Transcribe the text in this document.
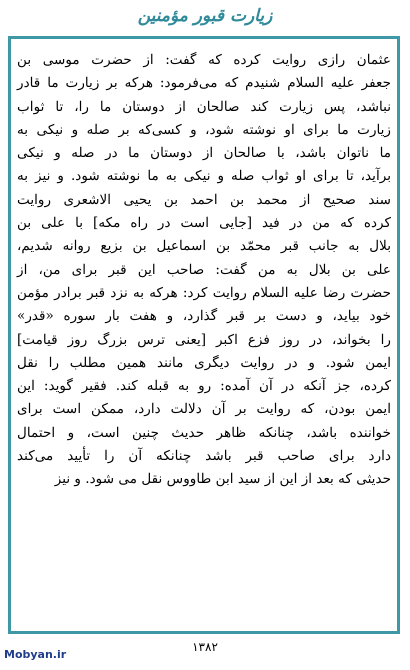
زیارت قبور مؤمنین
عثمان رازی روایت کرده که گفت: از حضرت موسی بن
جعفر علیه السلام شنیدم که می‌فرمود: هرکه بر زیارت ما قادر
نباشد، پس زیارت کند صالحان از دوستان ما را، تا ثواب
زیارت ما برای او نوشته شود، و کسی‌که بر صله و نیکی به
ما ناتوان باشد، با صالحان از دوستان ما در صله و نیکی
برآید، تا برای او ثواب صله و نیکی به ما نوشته شود. و نیز به
سند صحیح از محمد بن احمد بن یحیی الاشعری روایت
کرده که من در فید [جایی است در راه مکه] با علی بن
بلال به جانب قبر محمّد بن اسماعیل بن بزیع روانه شدیم،
علی بن بلال به من گفت: صاحب این قبر برای من، از
حضرت رضا علیه السلام روایت کرد: هرکه به نزد قبر برادر مؤمن
خود بیاید، و دست بر قبر گذارد، و هفت بار سوره «قدر»
را بخواند، در روز فزع اکبر [یعنی ترس بزرگ روز قیامت]
ایمن شود. و در روایت دیگری مانند همین مطلب را نقل
کرده، جز آنکه در آن آمده: رو به قبله کند. فقیر گوید: این
ایمن بودن، که روایت بر آن دلالت دارد، ممکن است برای
خواننده باشد، چنانکه ظاهر حدیث چنین است، و احتمال
دارد برای صاحب قبر باشد چنانکه آن را تأیید می‌کند
حدیثی که بعد از این از سید ابن طاووس نقل می شود. و نیز
۱۳۸۲
Mobyan.ir
